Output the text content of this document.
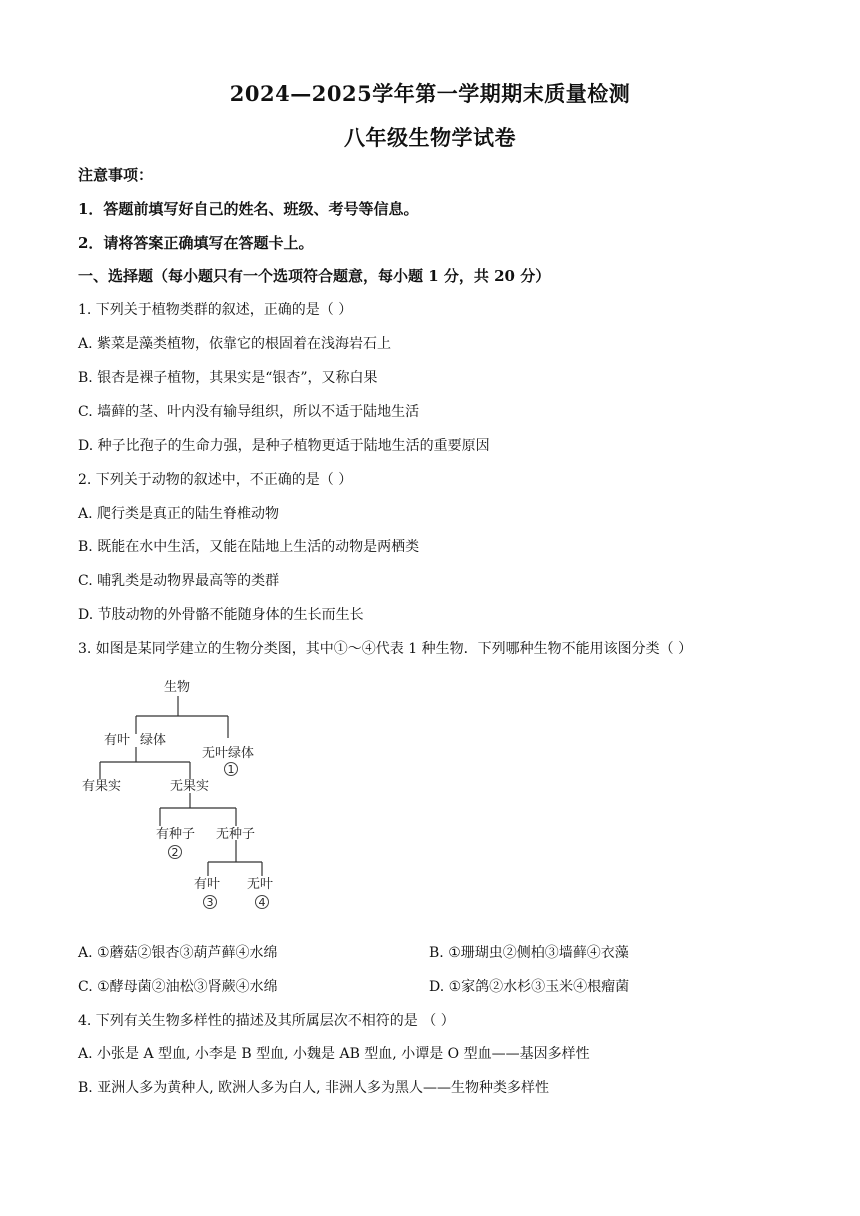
2024—2025学年第一学期期末质量检测
八年级生物学试卷
注意事项：
1．答题前填写好自己的姓名、班级、考号等信息。
2．请将答案正确填写在答题卡上。
一、选择题（每小题只有一个选项符合题意，每小题 1 分，共 20 分）
1. 下列关于植物类群的叙述，正确的是（ ）
A. 紫菜是藻类植物，依靠它的根固着在浅海岩石上
B. 银杏是裸子植物，其果实是“银杏”，又称白果
C. 墙藓的茎、叶内没有输导组织，所以不适于陆地生活
D. 种子比孢子的生命力强，是种子植物更适于陆地生活的重要原因
2. 下列关于动物的叙述中，不正确的是（ ）
A. 爬行类是真正的陆生脊椎动物
B. 既能在水中生活，又能在陆地上生活的动物是两栖类
C. 哺乳类是动物界最高等的类群
D. 节肢动物的外骨骼不能随身体的生长而生长
3. 如图是某同学建立的生物分类图，其中①～④代表 1 种生物．下列哪种生物不能用该图分类（ ）
生物
有叶 绿体
无叶绿体
1
有果实	无果实
有种子
2
无种子
有叶
3
无叶
4
A. ①蘑菇②银杏③葫芦藓④水绵	B. ①珊瑚虫②侧柏③墙藓④衣藻
C. ①酵母菌②油松③肾蕨④水绵	D. ①家鸽②水杉③玉米④根瘤菌
4. 下列有关生物多样性的描述及其所属层次不相符的是 （ ）
A. 小张是 A 型血, 小李是 B 型血, 小魏是 AB 型血, 小谭是 O 型血——基因多样性
B. 亚洲人多为黄种人, 欧洲人多为白人, 非洲人多为黑人——生物种类多样性
